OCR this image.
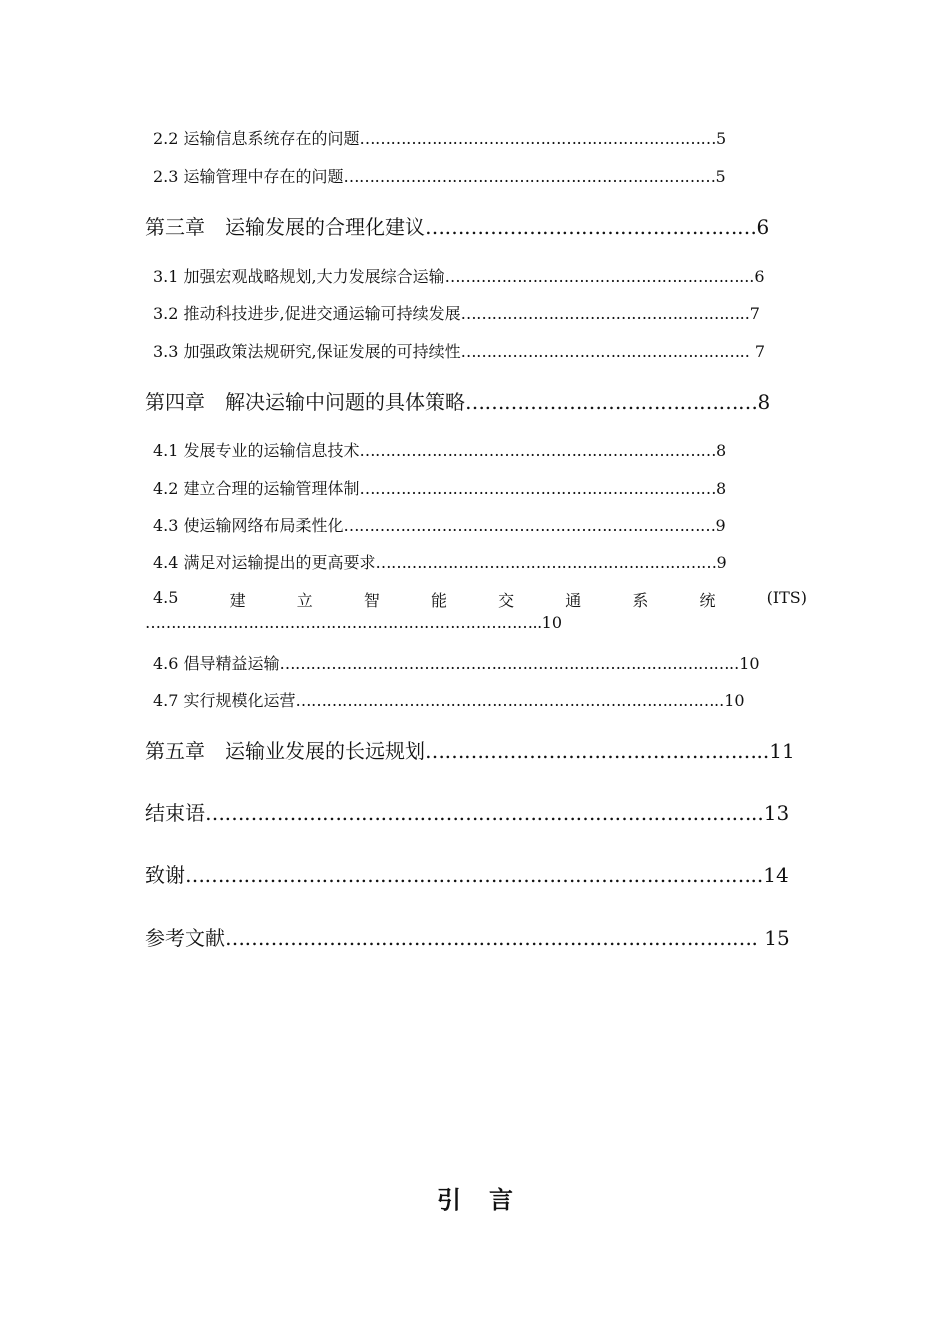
2.2 运输信息系统存在的问题……………………………………………………………5
2.3 运输管理中存在的问题………………………………………………………………5
第三章　运输发展的合理化建议……………………………………………6
3.1 加强宏观战略规划,大力发展综合运输…………………………………………………...6
3.2 推动科技进步,促进交通运输可持续发展………………………………………………..7
3.3 加强政策法规研究,保证发展的可持续性……………………………………………….. 7
第四章　解决运输中问题的具体策略………………………………………8
4.1 发展专业的运输信息技术……………………………………………………………8
4.2 建立合理的运输管理体制……………………………………………………………8
4.3 使运输网络布局柔性化………………………………………………………………9
4.4 满足对运输提出的更高要求…………………………………………………………9
4.5	建	立	智	能	交	通	系	统	(ITS)
…………………………………………………………………..10
4.6 倡导精益运输……………………………………………………………………………..10
4.7 实行规模化运营………………………………………………………………………..10
第五章　运输业发展的长远规划……………………………………………..11
结束语…………………………………………………………………………..13
致谢……………………………………………………………………………..14
参考文献………………………………………………………………………. 15
引 言
